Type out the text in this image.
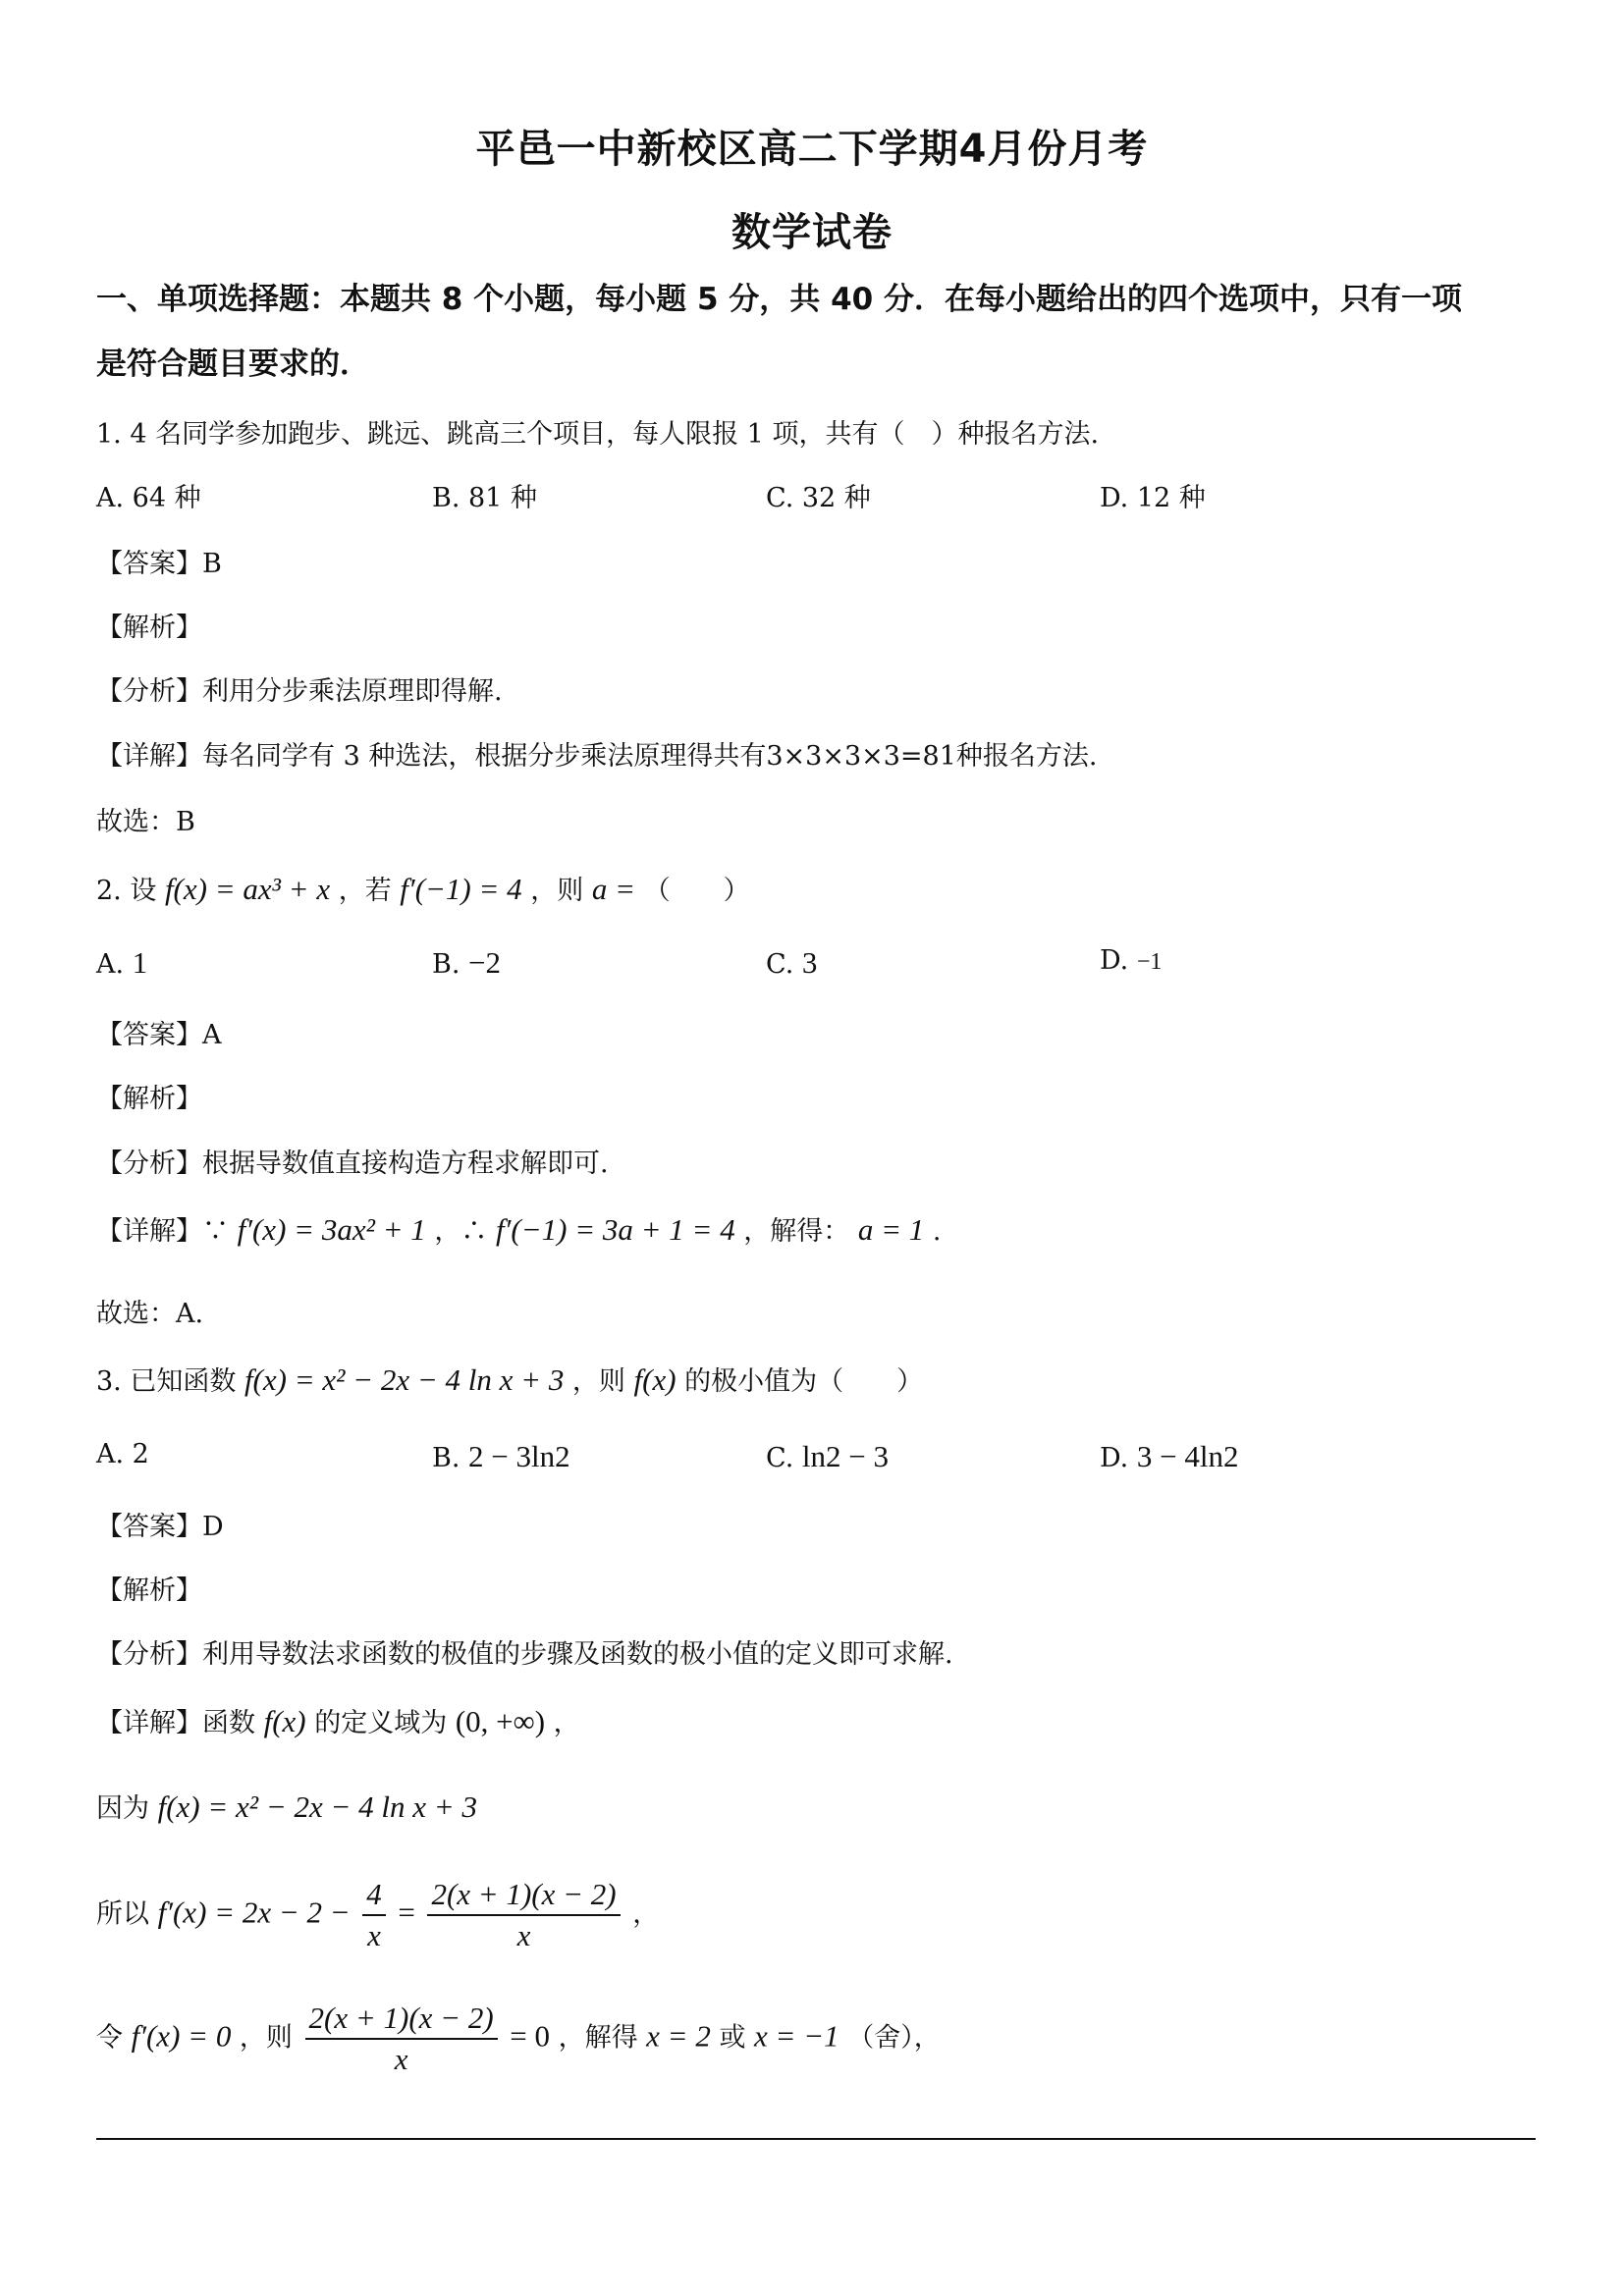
平邑一中新校区高二下学期4月份月考
数学试卷
一、单项选择题：本题共 8 个小题，每小题 5 分，共 40 分．在每小题给出的四个选项中，只有一项
是符合题目要求的．
1. 4 名同学参加跑步、跳远、跳高三个项目，每人限报 1 项，共有（　）种报名方法.
A. 64 种	B. 81 种	C. 32 种	D. 12 种
【答案】B
【解析】
【分析】利用分步乘法原理即得解.
【详解】每名同学有 3 种选法，根据分步乘法原理得共有3×3×3×3=81种报名方法.
故选：B
2. 设 f(x) = ax³ + x ，若 f′(−1) = 4 ，则 a = （　　）
A. 1	B. −2	C. 3	D. −1
【答案】A
【解析】
【分析】根据导数值直接构造方程求解即可.
【详解】∵ f′(x) = 3ax² + 1 ，∴ f′(−1) = 3a + 1 = 4 ，解得： a = 1 .
故选：A.
3. 已知函数 f(x) = x² − 2x − 4 ln x + 3 ，则 f(x) 的极小值为（　　）
A. 2	B. 2 − 3ln2	C. ln2 − 3	D. 3 − 4ln2
【答案】D
【解析】
【分析】利用导数法求函数的极值的步骤及函数的极小值的定义即可求解.
【详解】函数 f(x) 的定义域为 (0, +∞) ，
因为 f(x) = x² − 2x − 4 ln x + 3
所以 $f'(x) = 2x - 2 - \frac{4}{x} = \frac{2(x + 1)(x - 2)}{x}$ ，
令 f′(x) = 0 ，则 $\frac{2(x + 1)(x - 2)}{x} = 0$ ，解得 x = 2 或 x = −1 （舍），
